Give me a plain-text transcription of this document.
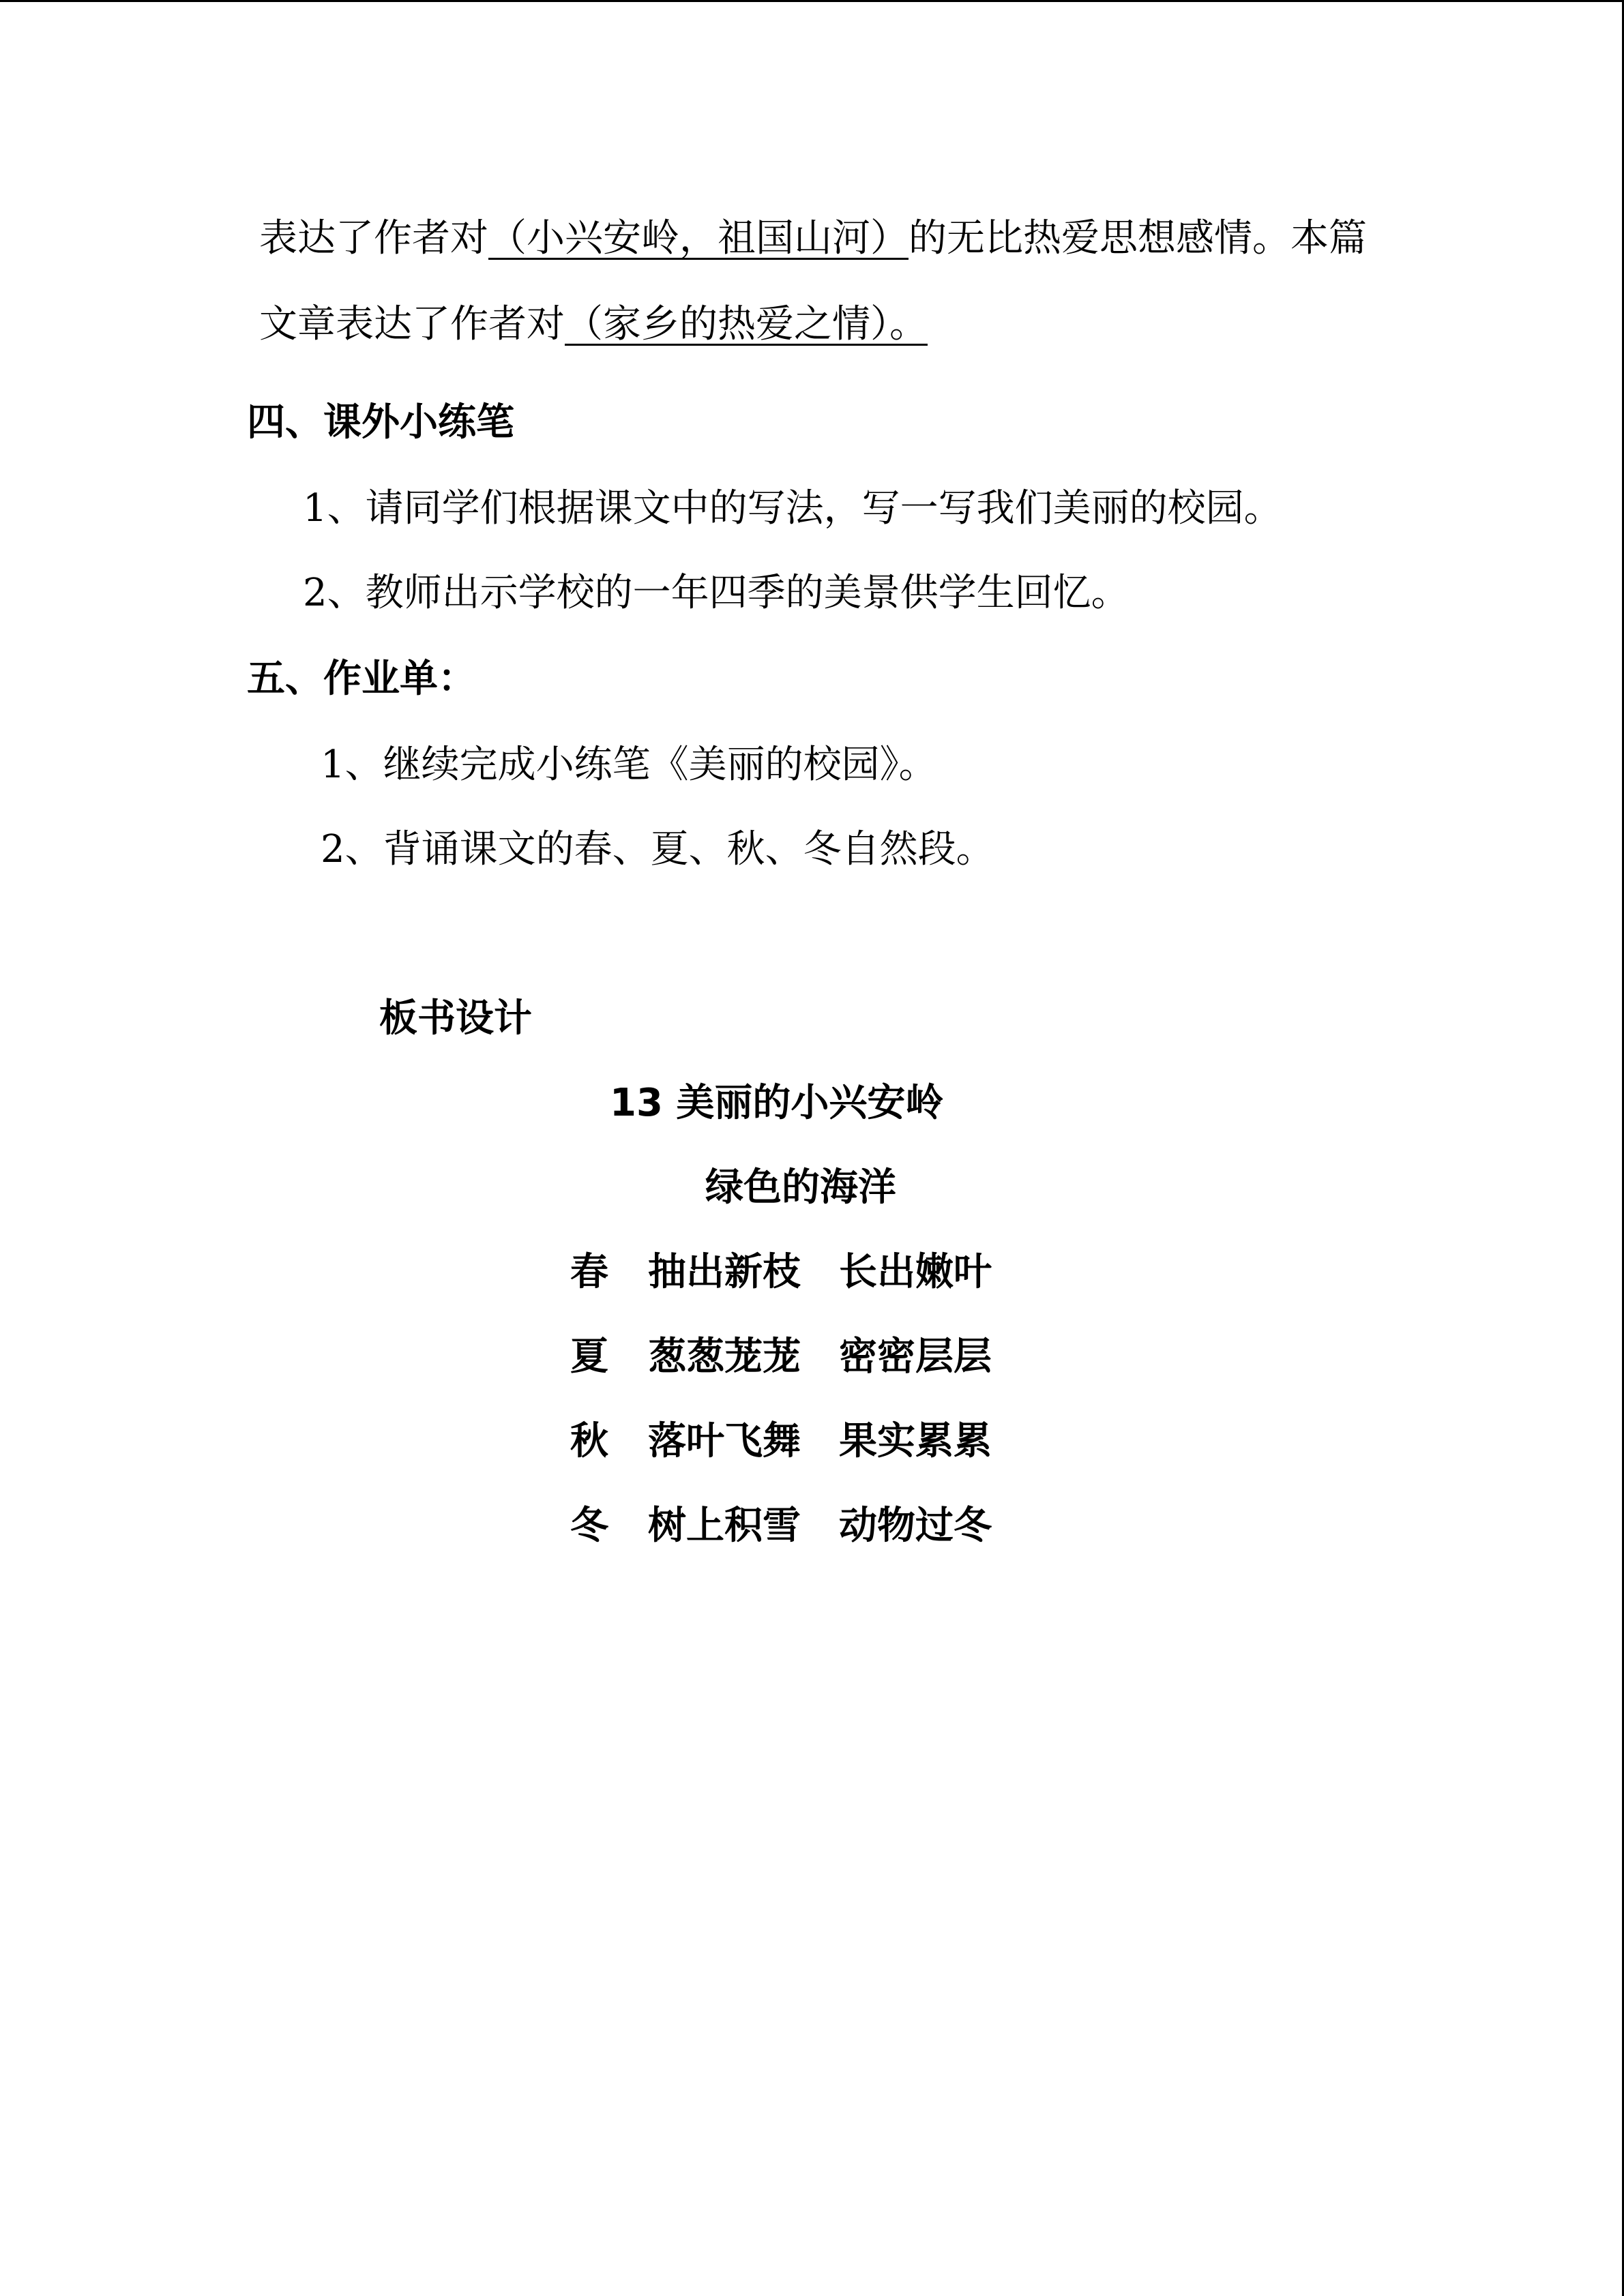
表达了作者对（小兴安岭，祖国山河）的无比热爱思想感情。本篇
文章表达了作者对（家乡的热爱之情）。
四、课外小练笔
1、请同学们根据课文中的写法，写一写我们美丽的校园。
2、教师出示学校的一年四季的美景供学生回忆。
五、作业单：
1、继续完成小练笔《美丽的校园》。
2、背诵课文的春、夏、秋、冬自然段。
板书设计
13 美丽的小兴安岭
绿色的海洋
春 抽出新枝 长出嫩叶
夏 葱葱茏茏 密密层层
秋 落叶飞舞 果实累累
冬 树上积雪 动物过冬
